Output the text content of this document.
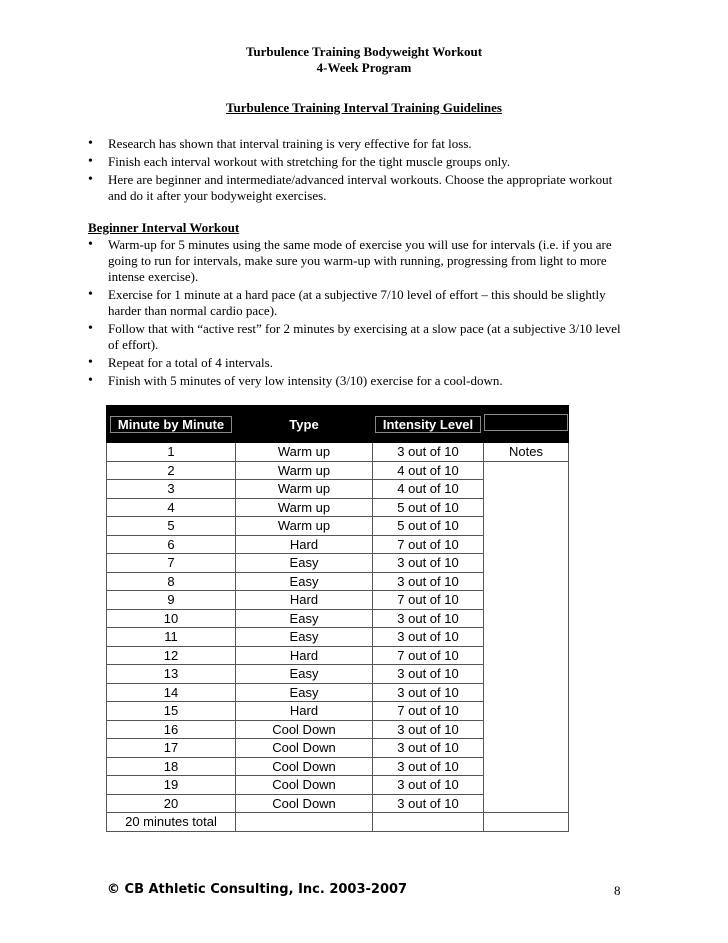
Turbulence Training Bodyweight Workout
4-Week Program
Turbulence Training Interval Training Guidelines
• Research has shown that interval training is very effective for fat loss.
• Finish each interval workout with stretching for the tight muscle groups only.
• Here are beginner and intermediate/advanced interval workouts. Choose the appropriate workout and do it after your bodyweight exercises.
Beginner Interval Workout
• Warm-up for 5 minutes using the same mode of exercise you will use for intervals (i.e. if you are going to run for intervals, make sure you warm-up with running, progressing from light to more intense exercise).
• Exercise for 1 minute at a hard pace (at a subjective 7/10 level of effort – this should be slightly harder than normal cardio pace).
• Follow that with “active rest” for 2 minutes by exercising at a slow pace (at a subjective 3/10 level of effort).
• Repeat for a total of 4 intervals.
• Finish with 5 minutes of very low intensity (3/10) exercise for a cool-down.
Minute by Minute	Type	Intensity Level	
1	Warm up	3 out of 10	Notes
2	Warm up	4 out of 10	
3	Warm up	4 out of 10	
4	Warm up	5 out of 10	
5	Warm up	5 out of 10	
6	Hard	7 out of 10	
7	Easy	3 out of 10	
8	Easy	3 out of 10	
9	Hard	7 out of 10	
10	Easy	3 out of 10	
11	Easy	3 out of 10	
12	Hard	7 out of 10	
13	Easy	3 out of 10	
14	Easy	3 out of 10	
15	Hard	7 out of 10	
16	Cool Down	3 out of 10	
17	Cool Down	3 out of 10	
18	Cool Down	3 out of 10	
19	Cool Down	3 out of 10	
20	Cool Down	3 out of 10	
20 minutes total			
© CB Athletic Consulting, Inc. 2003-2007	8
